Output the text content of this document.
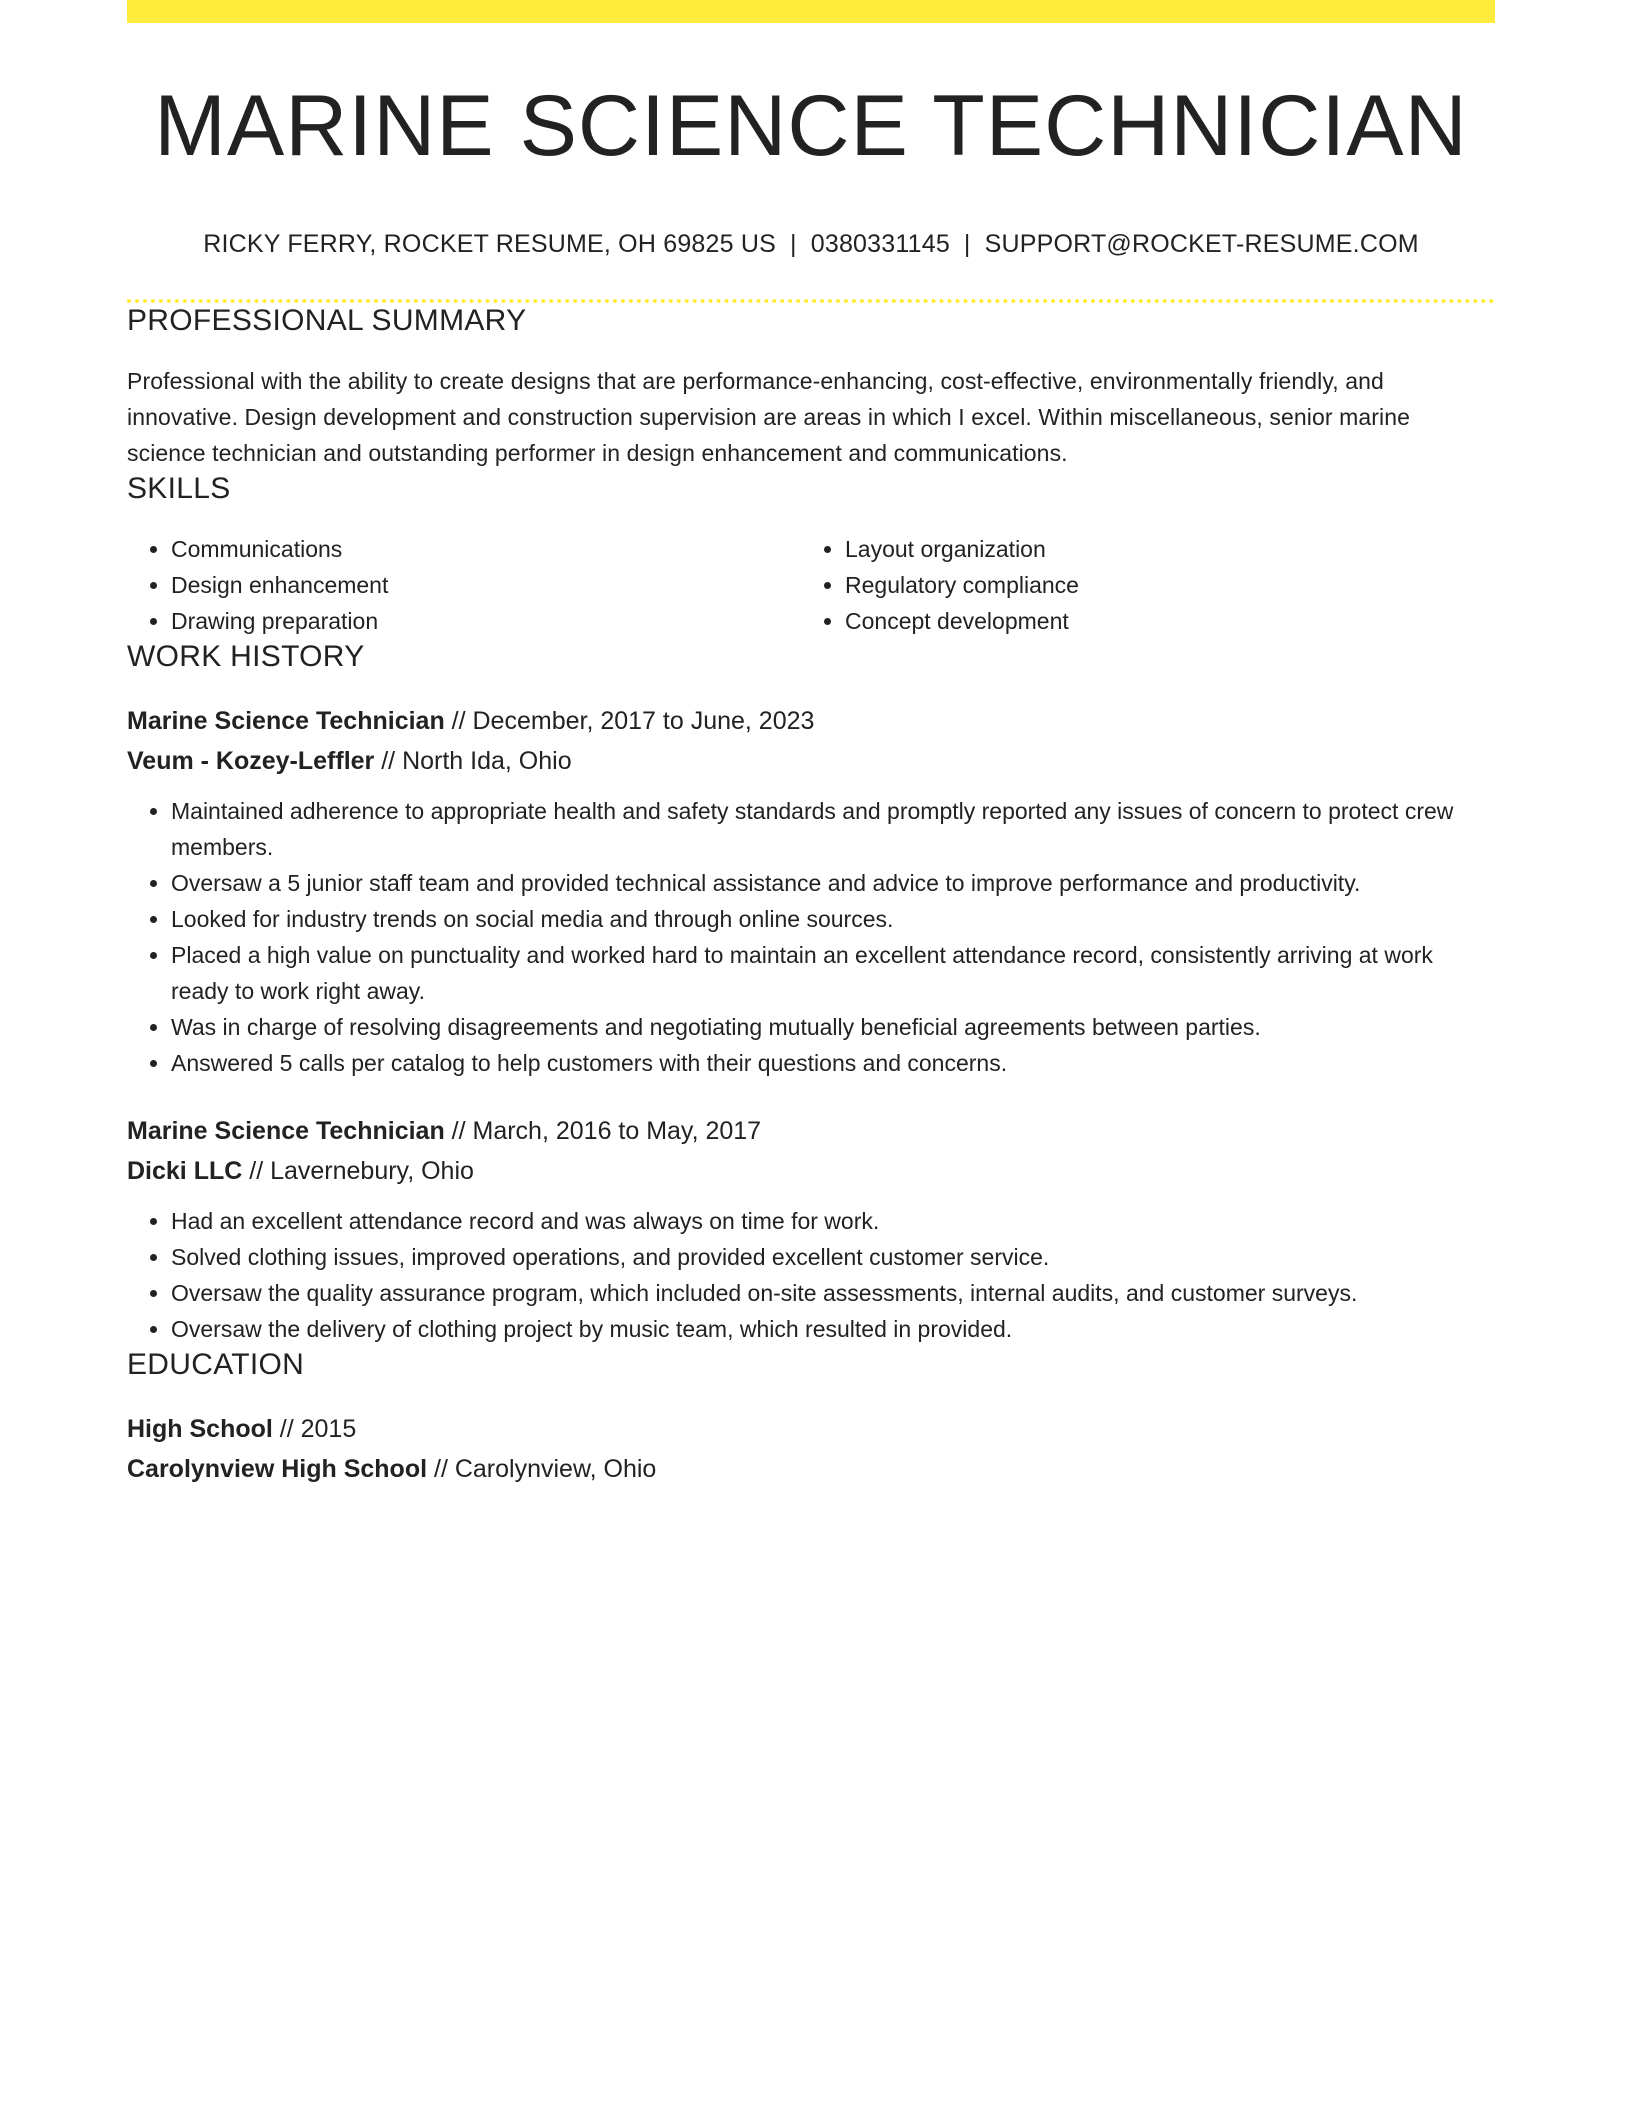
MARINE SCIENCE TECHNICIAN
RICKY FERRY, ROCKET RESUME, OH 69825 US | 0380331145 | SUPPORT@ROCKET-RESUME.COM
PROFESSIONAL SUMMARY

Professional with the ability to create designs that are performance-enhancing, cost-effective, environmentally friendly, and innovative. Design development and construction supervision are areas in which I excel. Within miscellaneous, senior marine science technician and outstanding performer in design enhancement and communications.

SKILLS
• Communications
• Design enhancement
• Drawing preparation
• Layout organization
• Regulatory compliance
• Concept development
WORK HISTORY
Marine Science Technician // December, 2017 to June, 2023
Veum - Kozey-Leffler // North Ida, Ohio
• Maintained adherence to appropriate health and safety standards and promptly reported any issues of concern to protect crew members.
• Oversaw a 5 junior staff team and provided technical assistance and advice to improve performance and productivity.
• Looked for industry trends on social media and through online sources.
• Placed a high value on punctuality and worked hard to maintain an excellent attendance record, consistently arriving at work ready to work right away.
• Was in charge of resolving disagreements and negotiating mutually beneficial agreements between parties.
• Answered 5 calls per catalog to help customers with their questions and concerns.
Marine Science Technician // March, 2016 to May, 2017
Dicki LLC // Lavernebury, Ohio
• Had an excellent attendance record and was always on time for work.
• Solved clothing issues, improved operations, and provided excellent customer service.
• Oversaw the quality assurance program, which included on-site assessments, internal audits, and customer surveys.
• Oversaw the delivery of clothing project by music team, which resulted in provided.
EDUCATION
High School // 2015
Carolynview High School // Carolynview, Ohio
